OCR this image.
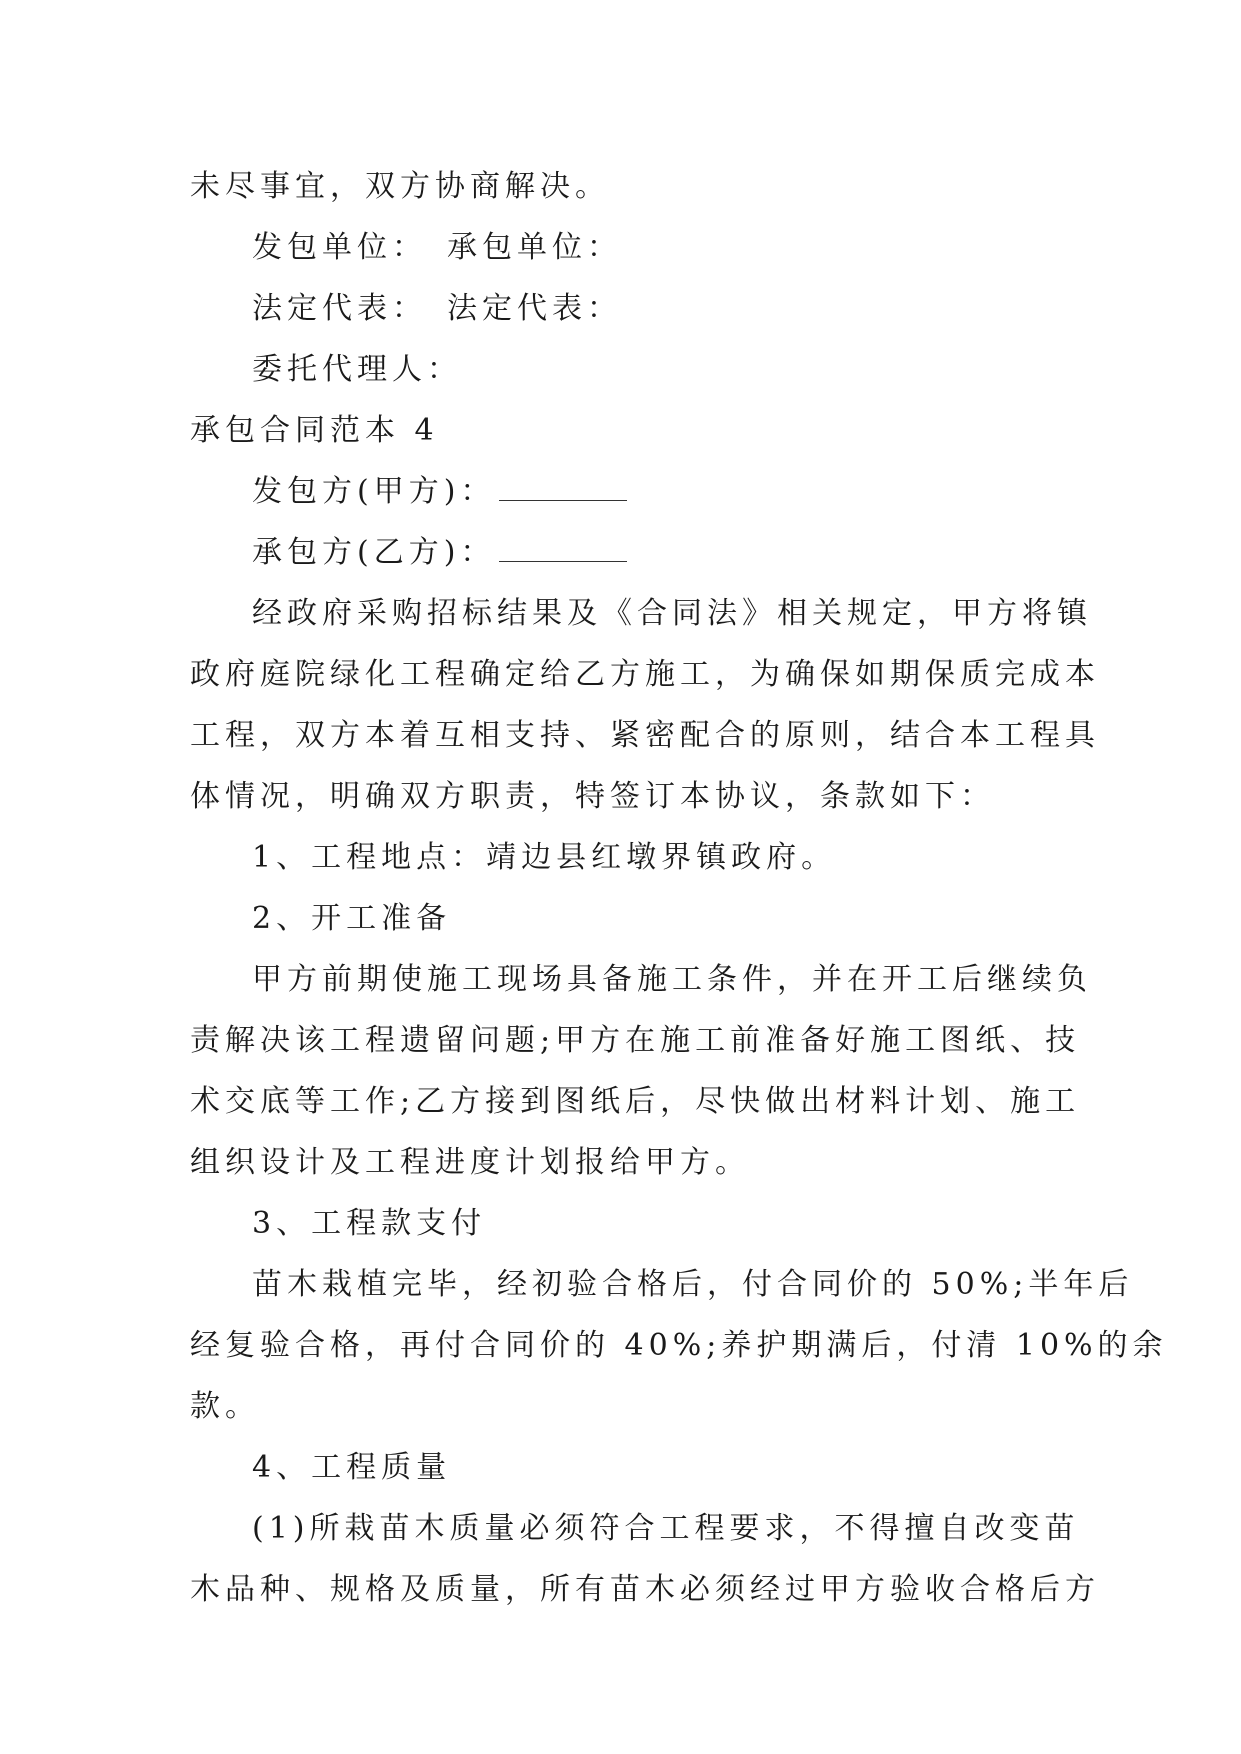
未尽事宜，双方协商解决。
发包单位：　承包单位：
法定代表：　法定代表：
委托代理人：
承包合同范本 4
发包方(甲方)：
承包方(乙方)：
经政府采购招标结果及《合同法》相关规定，甲方将镇
政府庭院绿化工程确定给乙方施工，为确保如期保质完成本
工程，双方本着互相支持、紧密配合的原则，结合本工程具
体情况，明确双方职责，特签订本协议，条款如下：
1、工程地点：靖边县红墩界镇政府。
2、开工准备
甲方前期使施工现场具备施工条件，并在开工后继续负
责解决该工程遗留问题;甲方在施工前准备好施工图纸、技
术交底等工作;乙方接到图纸后，尽快做出材料计划、施工
组织设计及工程进度计划报给甲方。
3、工程款支付
苗木栽植完毕，经初验合格后，付合同价的 50%;半年后
经复验合格，再付合同价的 40%;养护期满后，付清 10%的余
款。
4、工程质量
(1)所栽苗木质量必须符合工程要求，不得擅自改变苗
木品种、规格及质量，所有苗木必须经过甲方验收合格后方
